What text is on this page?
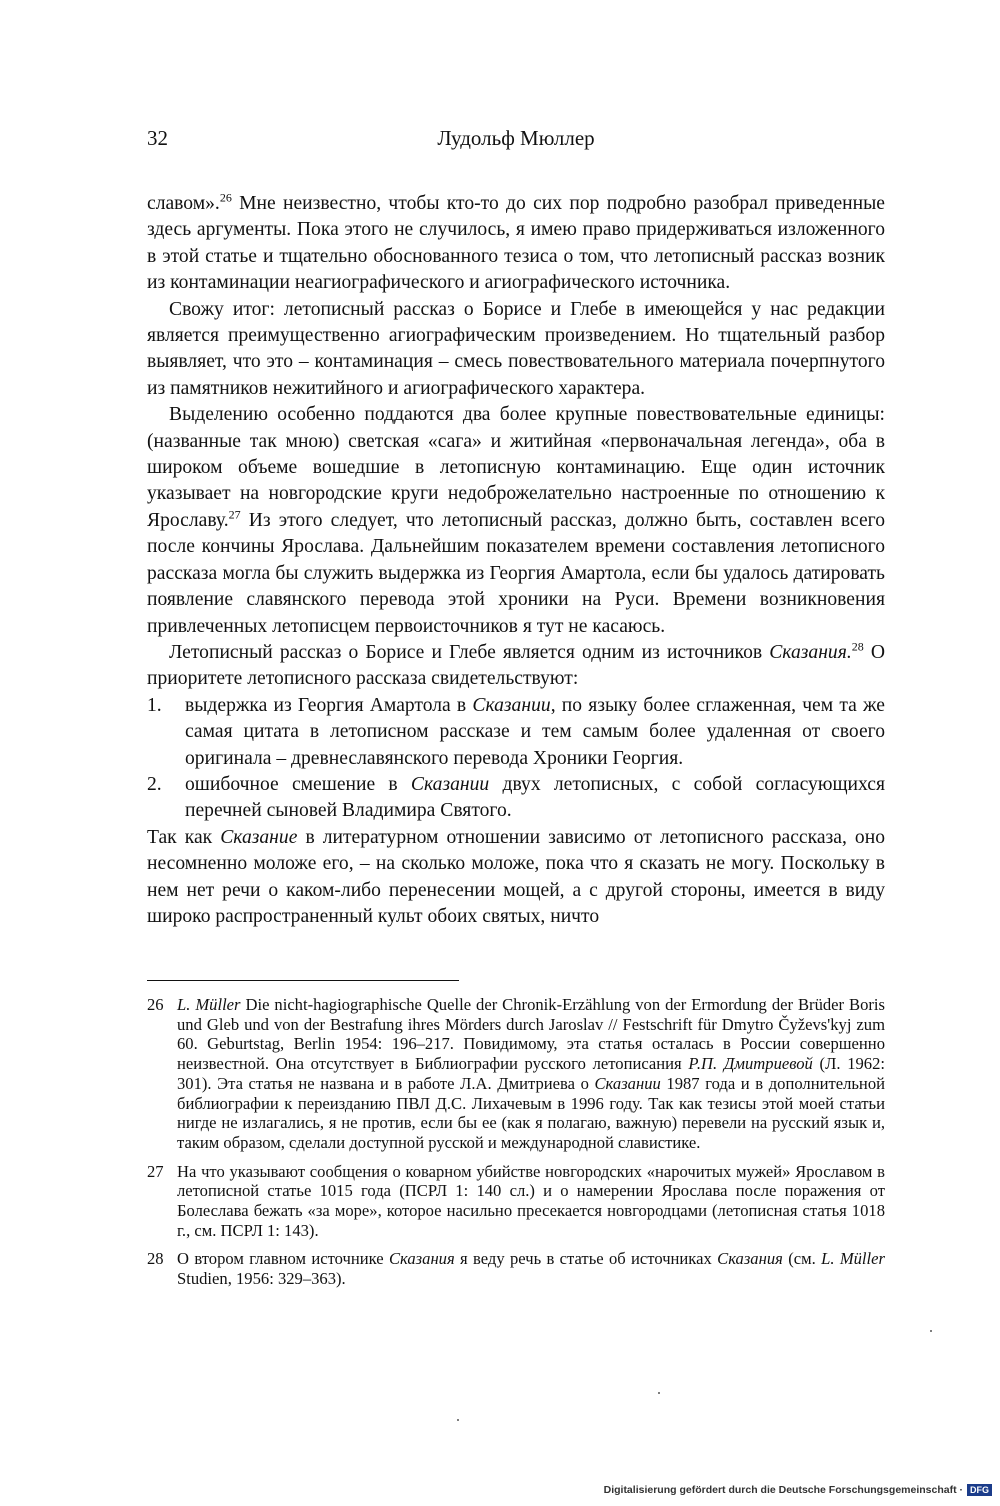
32	Лудольф Мюллер

славом».$^{26}$ Мне неизвестно, чтобы кто-то до сих пор подробно разобрал приведенные здесь аргументы. Пока этого не случилось, я имею право придерживаться изложенного в этой статье и тщательно обоснованного тезиса о том, что летописный рассказ возник из контаминации неагиографического и агиографического источника.

Свожу итог: летописный рассказ о Борисе и Глебе в имеющейся у нас редакции является преимущественно агиографическим произведением. Но тщательный разбор выявляет, что это – контаминация – смесь повествовательного материала почерпнутого из памятников нежитийного и агиографического характера.

Выделению особенно поддаются два более крупные повествовательные единицы: (названные так мною) светская «сага» и житийная «первоначальная легенда», оба в широком объеме вошедшие в летописную контаминацию. Еще один источник указывает на новгородские круги недоброжелательно настроенные по отношению к Ярославу.$^{27}$ Из этого следует, что летописный рассказ, должно быть, составлен всего после кончины Ярослава. Дальнейшим показателем времени составления летописного рассказа могла бы служить выдержка из Георгия Амартола, если бы удалось датировать появление славянского перевода этой хроники на Руси. Времени возникновения привлеченных летописцем первоисточников я тут не касаюсь.

Летописный рассказ о Борисе и Глебе является одним из источников Сказания.$^{28}$ О приоритете летописного рассказа свидетельствуют:

1.	выдержка из Георгия Амартола в Сказании, по языку более сглаженная, чем та же самая цитата в летописном рассказе и тем самым более удаленная от своего оригинала – древнеславянского перевода Хроники Георгия.
2.	ошибочное смешение в Сказании двух летописных, с собой согласующихся перечней сыновей Владимира Святого.

Так как Сказание в литературном отношении зависимо от летописного рассказа, оно несомненно моложе его, – на сколько моложе, пока что я сказать не могу. Поскольку в нем нет речи о каком-либо перенесении мощей, а с другой стороны, имеется в виду широко распространенный культ обоих святых, ничто

26 L. Müller Die nicht-hagiographische Quelle der Chronik-Erzählung von der Ermordung der Brüder Boris und Gleb und von der Bestrafung ihres Mörders durch Jaroslav // Festschrift für Dmytro Čyževs'kyj zum 60. Geburtstag, Berlin 1954: 196–217. Повидимому, эта статья осталась в России совершенно неизвестной. Она отсутствует в Библиографии русского летописания Р.П. Дмитриевой (Л. 1962: 301). Эта статья не названа и в работе Л.А. Дмитриева о Сказании 1987 года и в дополнительной библиографии к переизданию ПВЛ Д.С. Лихачевым в 1996 году. Так как тезисы этой моей статьи нигде не излагались, я не против, если бы ее (как я полагаю, важную) перевели на русский язык и, таким образом, сделали доступной русской и международной славистике.
27 На что указывают сообщения о коварном убийстве новгородских «нарочитых мужей» Ярославом в летописной статье 1015 года (ПСРЛ 1: 140 сл.) и о намерении Ярослава после поражения от Болеслава бежать «за море», которое насильно пресекается новгородцами (летописная статья 1018 г., см. ПСРЛ 1: 143).
28 О втором главном источнике Сказания я веду речь в статье об источниках Сказания (см. L. Müller Studien, 1956: 329–363).
Digitalisierung gefördert durch die Deutsche Forschungsgemeinschaft · DFG
